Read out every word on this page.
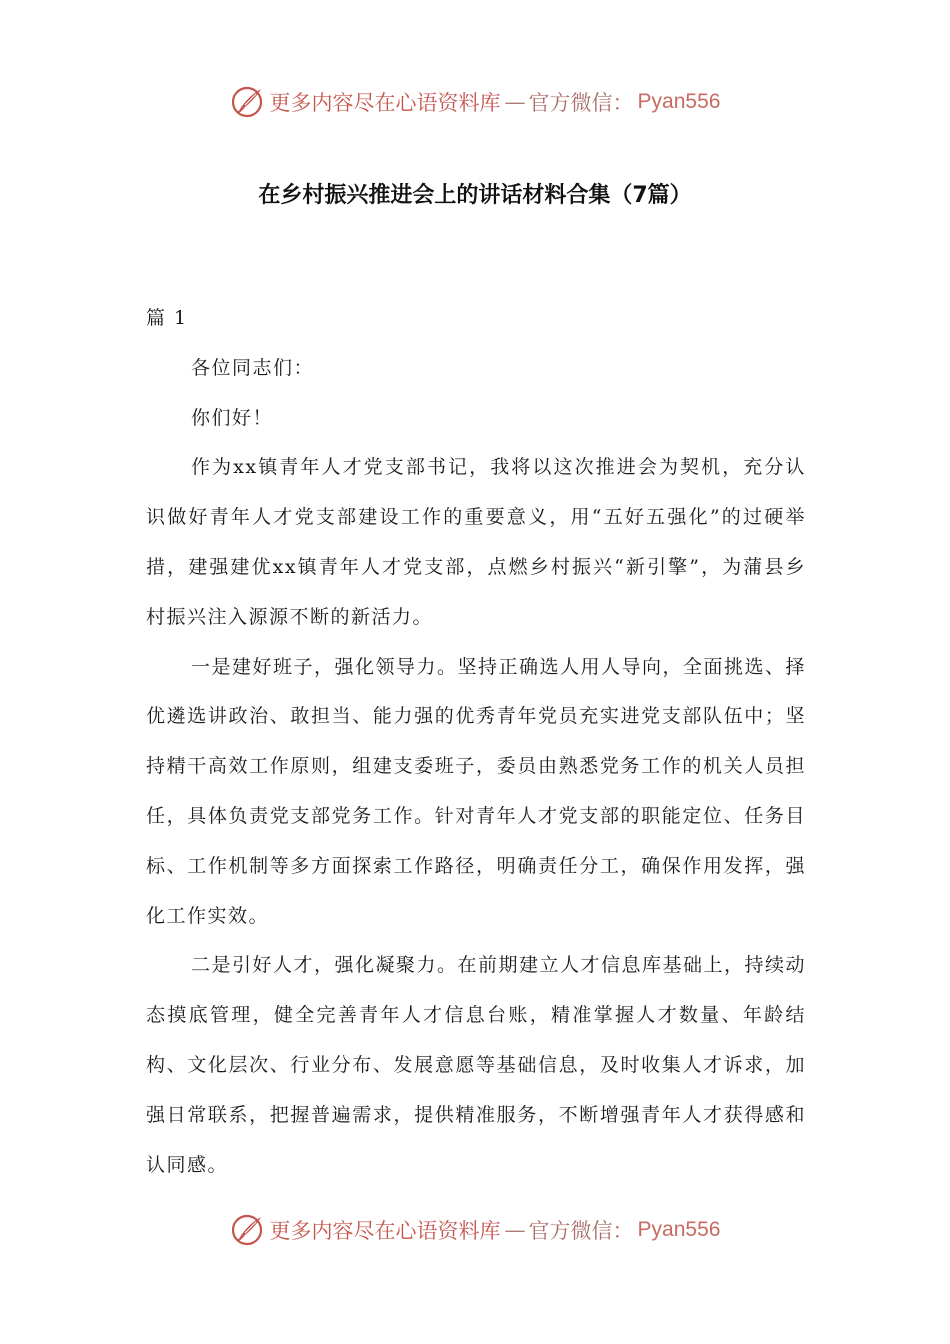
更多内容尽在心语资料库 — 官方微信： Pyan556
在乡村振兴推进会上的讲话材料合集（7篇）

篇 1

各位同志们：

你们好！

作为xx镇青年人才党支部书记，我将以这次推进会为契机，充分认识做好青年人才党支部建设工作的重要意义，用“五好五强化”的过硬举措，建强建优xx镇青年人才党支部，点燃乡村振兴“新引擎”，为蒲县乡村振兴注入源源不断的新活力。

一是建好班子，强化领导力。坚持正确选人用人导向，全面挑选、择优遴选讲政治、敢担当、能力强的优秀青年党员充实进党支部队伍中；坚持精干高效工作原则，组建支委班子，委员由熟悉党务工作的机关人员担任，具体负责党支部党务工作。针对青年人才党支部的职能定位、任务目标、工作机制等多方面探索工作路径，明确责任分工，确保作用发挥，强化工作实效。

二是引好人才，强化凝聚力。在前期建立人才信息库基础上，持续动态摸底管理，健全完善青年人才信息台账，精准掌握人才数量、年龄结构、文化层次、行业分布、发展意愿等基础信息，及时收集人才诉求，加强日常联系，把握普遍需求，提供精准服务，不断增强青年人才获得感和认同感。

更多内容尽在心语资料库 — 官方微信： Pyan556
